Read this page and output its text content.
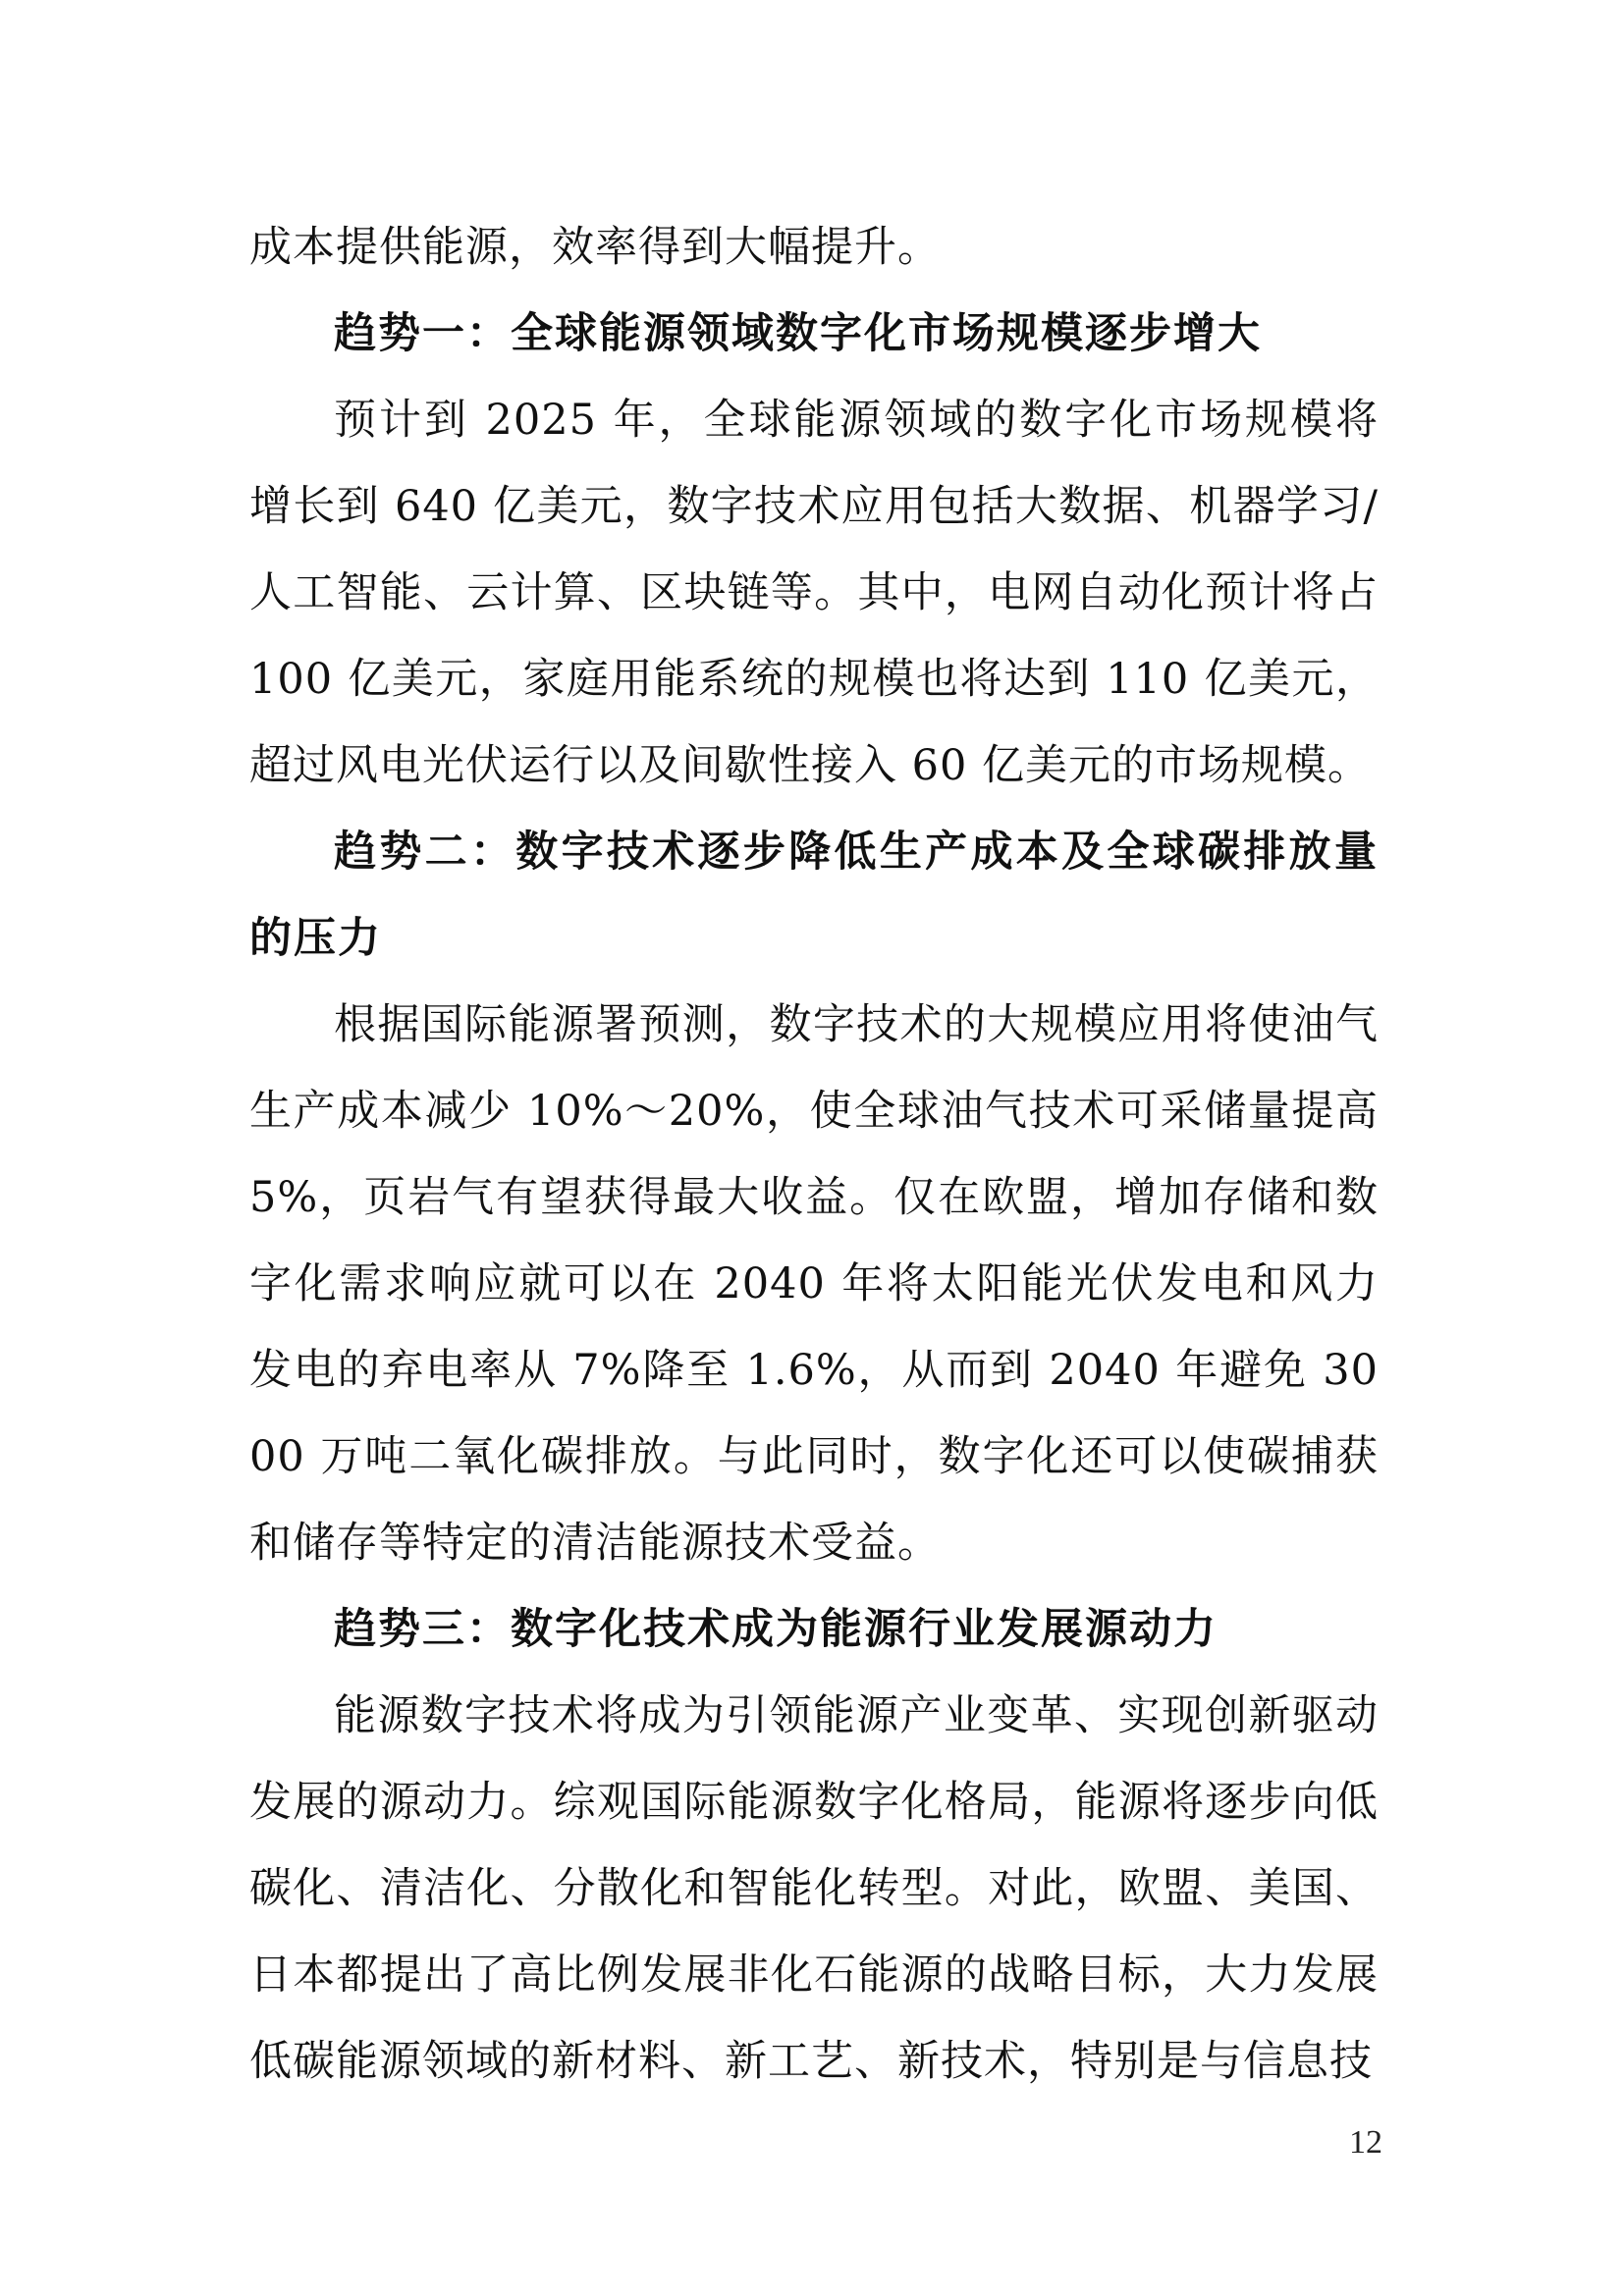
成本提供能源，效率得到大幅提升。

趋势一：全球能源领域数字化市场规模逐步增大

预计到 2025 年，全球能源领域的数字化市场规模将增长到 640 亿美元，数字技术应用包括大数据、机器学习/人工智能、云计算、区块链等。其中，电网自动化预计将占 100 亿美元，家庭用能系统的规模也将达到 110 亿美元，超过风电光伏运行以及间歇性接入 60 亿美元的市场规模。

趋势二：数字技术逐步降低生产成本及全球碳排放量的压力

根据国际能源署预测，数字技术的大规模应用将使油气生产成本减少 10%～20%，使全球油气技术可采储量提高 5%，页岩气有望获得最大收益。仅在欧盟，增加存储和数字化需求响应就可以在 2040 年将太阳能光伏发电和风力发电的弃电率从 7%降至 1.6%，从而到 2040 年避免 3000 万吨二氧化碳排放。与此同时，数字化还可以使碳捕获和储存等特定的清洁能源技术受益。

趋势三：数字化技术成为能源行业发展源动力

能源数字技术将成为引领能源产业变革、实现创新驱动发展的源动力。综观国际能源数字化格局，能源将逐步向低碳化、清洁化、分散化和智能化转型。对此，欧盟、美国、日本都提出了高比例发展非化石能源的战略目标，大力发展低碳能源领域的新材料、新工艺、新技术，特别是与信息技

12
